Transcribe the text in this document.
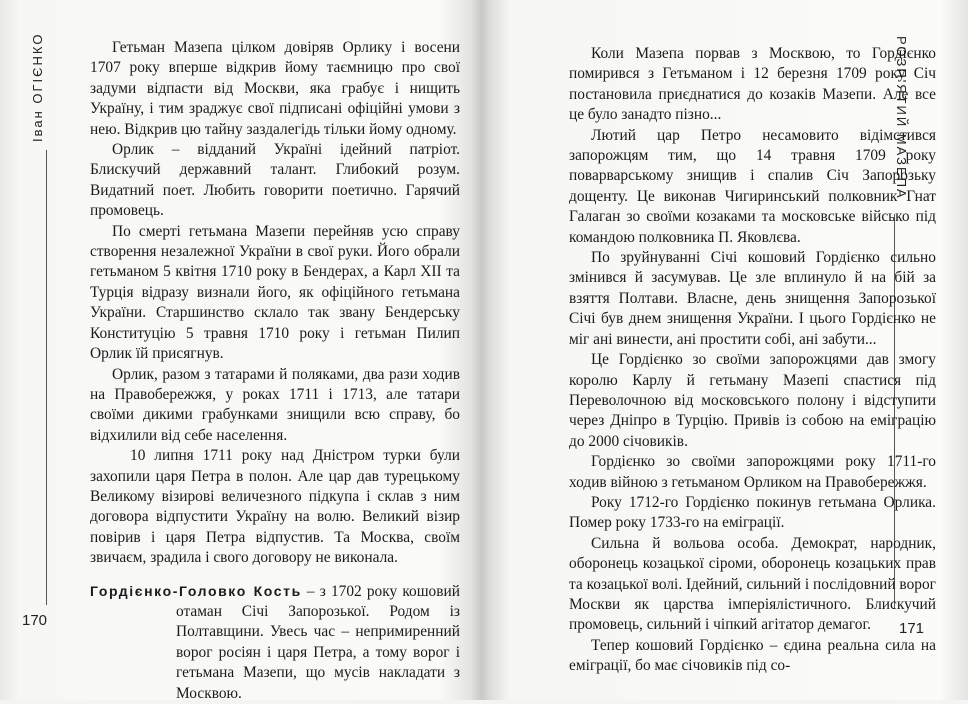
Іван ОГІЄНКО	Гетьман Мазепа цілком довіряв Орлику і восени 1707 року вперше відкрив йому таємницю про свої задуми відпасти від Москви, яка грабує і нищить Україну, і тим зраджує свої підписані офіційні умови з нею. Відкрив цю тайну заздалегідь тільки йому одному.

Орлик – відданий Україні ідейний патріот. Блискучий державний талант. Глибокий розум. Видатний поет. Любить говорити поетично. Гарячий промовець.

По смерті гетьмана Мазепи перейняв усю справу створення незалежної України в свої руки. Його обрали гетьманом 5 квітня 1710 року в Бендерах, а Карл XII та Турція відразу визнали його, як офіційного гетьмана України. Старшинство склало так звану Бендерську Конституцію 5 травня 1710 року і гетьман Пилип Орлик їй присягнув.

Орлик, разом з татарами й поляками, два рази ходив на Правобережжя, у роках 1711 і 1713, але татари своїми дикими грабунками знищили всю справу, бо відхилили від себе населення.

10 липня 1711 року над Дністром турки були захопили царя Петра в полон. Але цар дав турецькому Великому візирові величезного підкупа і склав з ним договора відпустити Україну на волю. Великий візир повірив і царя Петра відпустив. Та Москва, своїм звичаєм, зрадила і свого договору не виконала.

Гордієнко-Головко Кость – з 1702 року кошовий отаман Січі Запорозької. Родом із Полтавщини. Увесь час – непримиренний ворог росіян і царя Петра, а тому ворог і гетьмана Мазепи, що мусів накладати з Москвою.

170
РОЗП'ЯТИЙ МАЗЕПА

Коли Мазепа порвав з Москвою, то Гордієнко помирився з Гетьманом і 12 березня 1709 року Січ постановила приєднатися до козаків Мазепи. Але все це було занадто пізно...

Лютий цар Петро несамовито відімстився запорожцям тим, що 14 травня 1709 року поварварському знищив і спалив Січ Запорозьку дощенту. Це виконав Чигиринський полковник Гнат Галаган зо своїми козаками та московське військо під командою полковника П. Яковлєва.

По зруйнуванні Січі кошовий Гордієнко сильно змінився й засумував. Це зле вплинуло й на бій за взяття Полтави. Власне, день знищення Запорозької Січі був днем знищення України. І цього Гордієнко не міг ані винести, ані простити собі, ані забути...

Це Гордієнко зо своїми запорожцями дав змогу королю Карлу й гетьману Мазепі спастися під Переволочною від московського полону і відступити через Дніпро в Турцію. Привів із собою на еміграцію до 2000 січовиків.

Гордієнко зо своїми запорожцями року 1711-го ходив війною з гетьманом Орликом на Правобережжя.

Року 1712-го Гордієнко покинув гетьмана Орлика. Помер року 1733-го на еміграції.

Сильна й вольова особа. Демократ, народник, оборонець козацької сіроми, оборонець козацьких прав та козацької волі. Ідейний, сильний і послідовний ворог Москви як царства імперіялістичного. Блискучий промовець, сильний і чіпкий агітатор демагог.

Тепер кошовий Гордієнко – єдина реальна сила на еміграції, бо має січовиків під со-

171
